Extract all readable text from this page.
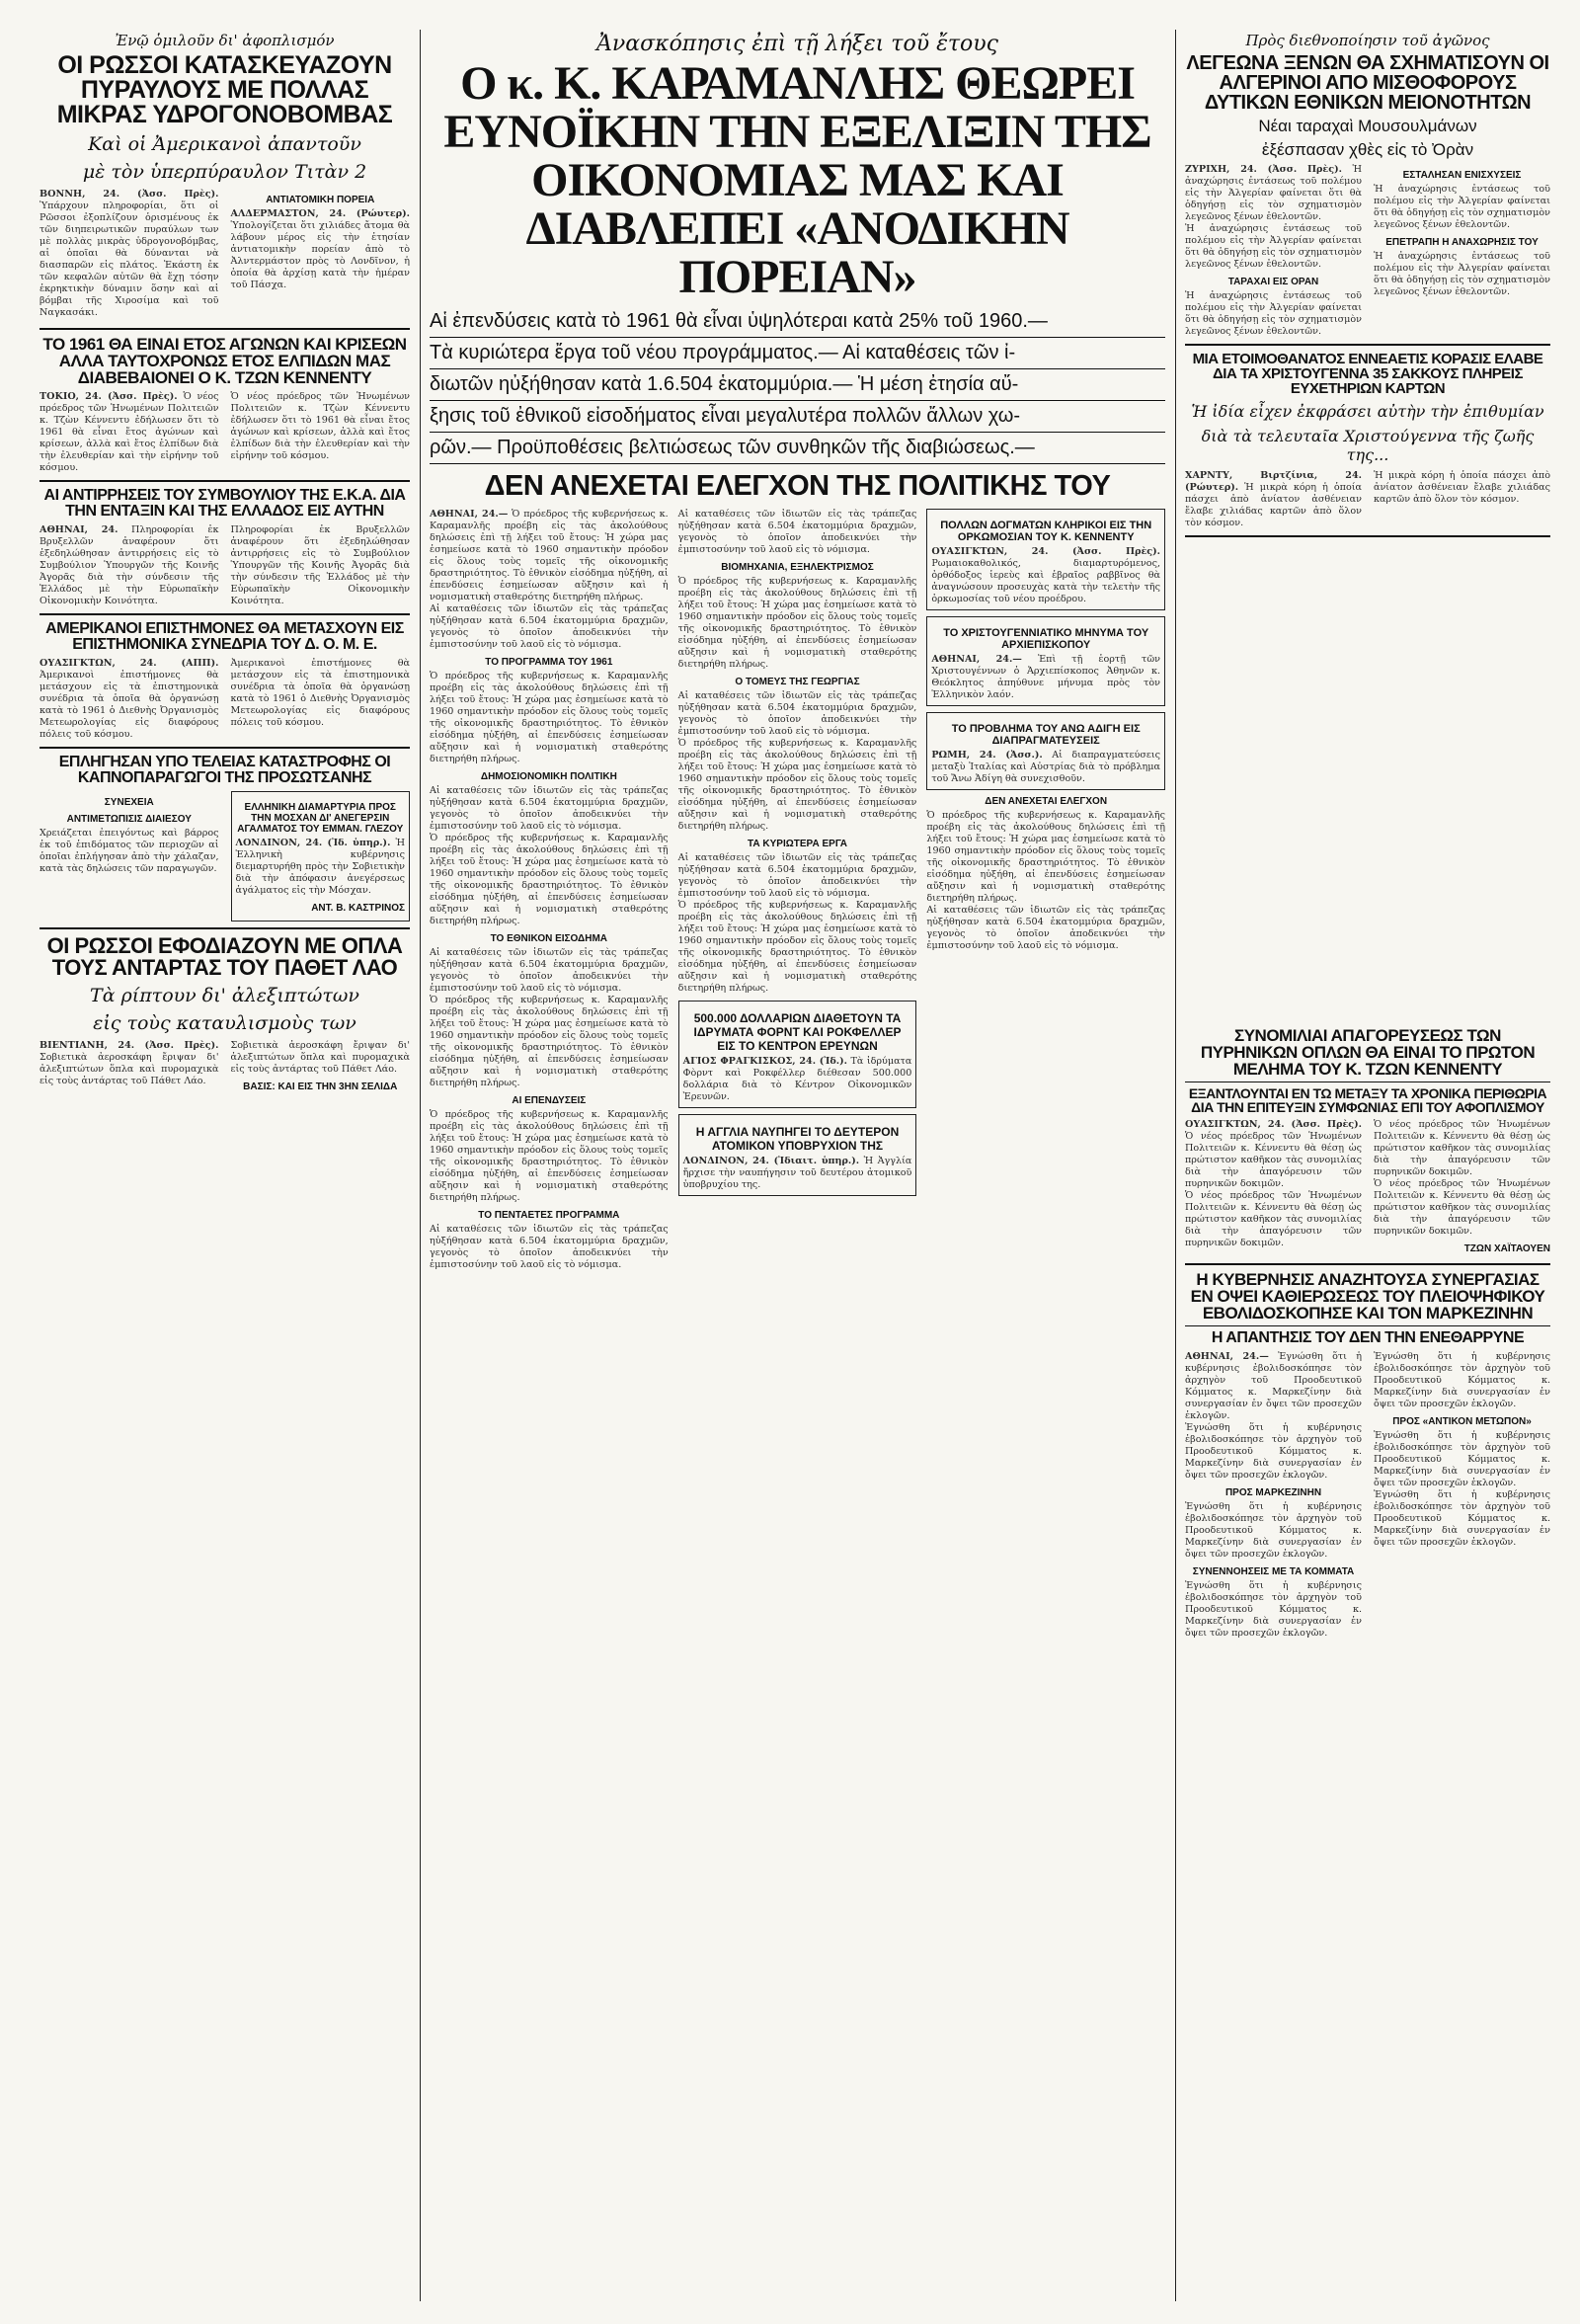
Ἐνῷ ὁμιλοῦν δι' ἀφοπλισμόν
ΟΙ ΡΩΣΣΟΙ ΚΑΤΑΣΚΕΥΑΖΟΥΝ ΠΥΡΑΥΛΟΥΣ ΜΕ ΠΟΛΛΑΣ ΜΙΚΡΑΣ ΥΔΡΟΓΟΝΟΒΟΜΒΑΣ
Καὶ οἱ Ἀμερικανοὶ ἀπαντοῦν
μὲ τὸν ὑπερπύραυλον Τιτὰν 2

ΒΟΝΝΗ, 24. (Ἀσσ. Πρὲς). Ὑπάρχουν πληροφορίαι, ὅτι οἱ Ρῶσσοι ἐξοπλίζουν ὁρισμένους ἐκ τῶν διηπειρωτικῶν πυραύλων των μὲ πολλὰς μικρὰς ὑδρογονοβόμβας, αἱ ὁποῖαι θὰ δύνανται νὰ διασπαρῶν εἰς πλάτος. Ἐκάστη ἐκ τῶν κεφαλῶν αὐτῶν θὰ ἔχῃ τόσην ἐκρηκτικὴν δύναμιν ὅσην καὶ αἱ βόμβαι τῆς Χιροσίμα καὶ τοῦ Ναγκασάκι.

ΑΝΤΙΑΤΟΜΙΚΗ ΠΟΡΕΙΑ

ΑΛΔΕΡΜΑΣΤΟΝ, 24. (Ρώυτερ). Ὑπολογίζεται ὅτι χιλιάδες ἄτομα θὰ λάβουν μέρος εἰς τὴν ἐτησίαν ἀντιατομικὴν πορείαν ἀπὸ τὸ Ἀλντερμάστον πρὸς τὸ Λονδῖνον, ἡ ὁποία θὰ ἀρχίσῃ κατὰ τὴν ἡμέραν τοῦ Πάσχα.

ΤΟ 1961 ΘΑ ΕΙΝΑΙ ΕΤΟΣ ΑΓΩΝΩΝ ΚΑΙ ΚΡΙΣΕΩΝ ΑΛΛΑ ΤΑΥΤΟΧΡΟΝΩΣ ΕΤΟΣ ΕΛΠΙΔΩΝ ΜΑΣ ΔΙΑΒΕΒΑΙΟΝΕΙ Ο Κ. ΤΖΩΝ ΚΕΝΝΕΝΤΥ

ΤΟΚΙΟ, 24. (Ἀσσ. Πρὲς). Ὁ νέος πρόεδρος τῶν Ἡνωμένων Πολιτειῶν κ. Τζὼν Κέννεντυ ἐδήλωσεν ὅτι τὸ 1961 θὰ εἶναι ἔτος ἀγώνων καὶ κρίσεων, ἀλλὰ καὶ ἔτος ἐλπίδων διὰ τὴν ἐλευθερίαν καὶ τὴν εἰρήνην τοῦ κόσμου.

Ὁ νέος πρόεδρος τῶν Ἡνωμένων Πολιτειῶν κ. Τζὼν Κέννεντυ ἐδήλωσεν ὅτι τὸ 1961 θὰ εἶναι ἔτος ἀγώνων καὶ κρίσεων, ἀλλὰ καὶ ἔτος ἐλπίδων διὰ τὴν ἐλευθερίαν καὶ τὴν εἰρήνην τοῦ κόσμου.

ΑΙ ΑΝΤΙΡΡΗΣΕΙΣ ΤΟΥ ΣΥΜΒΟΥΛΙΟΥ ΤΗΣ Ε.Κ.Α. ΔΙΑ ΤΗΝ ΕΝΤΑΞΙΝ ΚΑΙ ΤΗΣ ΕΛΛΑΔΟΣ ΕΙΣ ΑΥΤΗΝ

ΑΘΗΝΑΙ, 24. Πληροφορίαι ἐκ Βρυξελλῶν ἀναφέρουν ὅτι ἐξεδηλώθησαν ἀντιρρήσεις εἰς τὸ Συμβούλιον Ὑπουργῶν τῆς Κοινῆς Ἀγορᾶς διὰ τὴν σύνδεσιν τῆς Ἑλλάδος μὲ τὴν Εὐρωπαϊκὴν Οἰκονομικὴν Κοινότητα.

Πληροφορίαι ἐκ Βρυξελλῶν ἀναφέρουν ὅτι ἐξεδηλώθησαν ἀντιρρήσεις εἰς τὸ Συμβούλιον Ὑπουργῶν τῆς Κοινῆς Ἀγορᾶς διὰ τὴν σύνδεσιν τῆς Ἑλλάδος μὲ τὴν Εὐρωπαϊκὴν Οἰκονομικὴν Κοινότητα.

ΑΜΕΡΙΚΑΝΟΙ ΕΠΙΣΤΗΜΟΝΕΣ ΘΑ ΜΕΤΑΣΧΟΥΝ ΕΙΣ ΕΠΙΣΤΗΜΟΝΙΚΑ ΣΥΝΕΔΡΙΑ ΤΟΥ Δ. Ο. Μ. Ε.

ΟΥΑΣΙΓΚΤΩΝ, 24. (ΑΠΠ). Ἀμερικανοὶ ἐπιστήμονες θὰ μετάσχουν εἰς τὰ ἐπιστημονικὰ συνέδρια τὰ ὁποῖα θὰ ὀργανώσῃ κατὰ τὸ 1961 ὁ Διεθνὴς Ὀργανισμὸς Μετεωρολογίας εἰς διαφόρους πόλεις τοῦ κόσμου.

Ἀμερικανοὶ ἐπιστήμονες θὰ μετάσχουν εἰς τὰ ἐπιστημονικὰ συνέδρια τὰ ὁποῖα θὰ ὀργανώσῃ κατὰ τὸ 1961 ὁ Διεθνὴς Ὀργανισμὸς Μετεωρολογίας εἰς διαφόρους πόλεις τοῦ κόσμου.

ΕΠΛΗΓΗΣΑΝ ΥΠΟ ΤΕΛΕΙΑΣ ΚΑΤΑΣΤΡΟΦΗΣ ΟΙ ΚΑΠΝΟΠΑΡΑΓΩΓΟΙ ΤΗΣ ΠΡΟΣΩΤΣΑΝΗΣ
ΣΥΝΕΧΕΙΑ
ΑΝΤΙΜΕΤΩΠΙΣΙΣ ΔΙΑΙΕΣΟΥ

Χρειάζεται ἐπειγόντως καὶ βάρρος ἐκ τοῦ ἐπιδόματος τῶν περιοχῶν αἱ ὁποῖαι ἐπλήγησαν ἀπὸ τὴν χάλαζαν, κατὰ τὰς δηλώσεις τῶν παραγωγῶν.

ΕΛΛΗΝΙΚΗ ΔΙΑΜΑΡΤΥΡΙΑ ΠΡΟΣ ΤΗΝ ΜΟΣΧΑΝ ΔΙ' ΑΝΕΓΕΡΣΙΝ ΑΓΑΛΜΑΤΟΣ ΤΟΥ ΕΜΜΑΝ. ΓΛΕΖΟΥ

ΛΟΝΔΙΝΟΝ, 24. (Ἰδ. ὑπηρ.). Ἡ Ἑλληνικὴ κυβέρνησις διεμαρτυρήθη πρὸς τὴν Σοβιετικὴν διὰ τὴν ἀπόφασιν ἀνεγέρσεως ἀγάλματος εἰς τὴν Μόσχαν.

ΑΝΤ. Β. ΚΑΣΤΡΙΝΟΣ
ΟΙ ΡΩΣΣΟΙ ΕΦΟΔΙΑΖΟΥΝ ΜΕ ΟΠΛΑ ΤΟΥΣ ΑΝΤΑΡΤΑΣ ΤΟΥ ΠΑΘΕΤ ΛΑΟ
Τὰ ρίπτουν δι' ἀλεξιπτώτων
εἰς τοὺς καταυλισμοὺς των

ΒΙΕΝΤΙΑΝΗ, 24. (Ἀσσ. Πρὲς). Σοβιετικὰ ἀεροσκάφη ἔριψαν δι' ἀλεξιπτώτων ὅπλα καὶ πυρομαχικὰ εἰς τοὺς ἀντάρτας τοῦ Πάθετ Λάο.

Σοβιετικὰ ἀεροσκάφη ἔριψαν δι' ἀλεξιπτώτων ὅπλα καὶ πυρομαχικὰ εἰς τοὺς ἀντάρτας τοῦ Πάθετ Λάο.

ΒΑΣΙΣ: ΚΑΙ ΕΙΣ ΤΗΝ 3ΗΝ ΣΕΛΙΔΑ
Ἀνασκόπησις ἐπὶ τῇ λήξει τοῦ ἔτους
Ο κ. Κ. ΚΑΡΑΜΑΝΛΗΣ ΘΕΩΡΕΙ ΕΥΝΟΪΚΗΝ ΤΗΝ ΕΞΕΛΙΞΙΝ ΤΗΣ ΟΙΚΟΝΟΜΙΑΣ ΜΑΣ ΚΑΙ ΔΙΑΒΛΕΠΕΙ «ΑΝΟΔΙΚΗΝ ΠΟΡΕΙΑΝ»
Αἱ ἐπενδύσεις κατὰ τὸ 1961 θὰ εἶναι ὑψηλότεραι κατὰ 25% τοῦ 1960.—
Τὰ κυριώτερα ἔργα τοῦ νέου προγράμματος.— Αἱ καταθέσεις τῶν ἰ-
διωτῶν ηὐξήθησαν κατὰ 1.6.504 ἑκατομμύρια.— Ἡ μέση ἐτησία αὔ-
ξησις τοῦ ἐθνικοῦ εἰσοδήματος εἶναι μεγαλυτέρα πολλῶν ἄλλων χω-
ρῶν.— Προϋποθέσεις βελτιώσεως τῶν συνθηκῶν τῆς διαβιώσεως.—
ΔΕΝ ΑΝΕΧΕΤΑΙ ΕΛΕΓΧΟΝ ΤΗΣ ΠΟΛΙΤΙΚΗΣ ΤΟΥ

ΑΘΗΝΑΙ, 24.— Ὁ πρόεδρος τῆς κυβερνήσεως κ. Καραμανλῆς προέβη εἰς τὰς ἀκολούθους δηλώσεις ἐπὶ τῇ λήξει τοῦ ἔτους: Ἡ χώρα μας ἐσημείωσε κατὰ τὸ 1960 σημαντικὴν πρόοδον εἰς ὅλους τοὺς τομεῖς τῆς οἰκονομικῆς δραστηριότητος. Τὸ ἐθνικὸν εἰσόδημα ηὐξήθη, αἱ ἐπενδύσεις ἐσημείωσαν αὔξησιν καὶ ἡ νομισματικὴ σταθερότης διετηρήθη πλήρως.

Αἱ καταθέσεις τῶν ἰδιωτῶν εἰς τὰς τράπεζας ηὐξήθησαν κατὰ 6.504 ἑκατομμύρια δραχμῶν, γεγονὸς τὸ ὁποῖον ἀποδεικνύει τὴν ἐμπιστοσύνην τοῦ λαοῦ εἰς τὸ νόμισμα.

ΤΟ ΠΡΟΓΡΑΜΜΑ ΤΟΥ 1961

Ὁ πρόεδρος τῆς κυβερνήσεως κ. Καραμανλῆς προέβη εἰς τὰς ἀκολούθους δηλώσεις ἐπὶ τῇ λήξει τοῦ ἔτους: Ἡ χώρα μας ἐσημείωσε κατὰ τὸ 1960 σημαντικὴν πρόοδον εἰς ὅλους τοὺς τομεῖς τῆς οἰκονομικῆς δραστηριότητος. Τὸ ἐθνικὸν εἰσόδημα ηὐξήθη, αἱ ἐπενδύσεις ἐσημείωσαν αὔξησιν καὶ ἡ νομισματικὴ σταθερότης διετηρήθη πλήρως.

ΔΗΜΟΣΙΟΝΟΜΙΚΗ ΠΟΛΙΤΙΚΗ

Αἱ καταθέσεις τῶν ἰδιωτῶν εἰς τὰς τράπεζας ηὐξήθησαν κατὰ 6.504 ἑκατομμύρια δραχμῶν, γεγονὸς τὸ ὁποῖον ἀποδεικνύει τὴν ἐμπιστοσύνην τοῦ λαοῦ εἰς τὸ νόμισμα.

Ὁ πρόεδρος τῆς κυβερνήσεως κ. Καραμανλῆς προέβη εἰς τὰς ἀκολούθους δηλώσεις ἐπὶ τῇ λήξει τοῦ ἔτους: Ἡ χώρα μας ἐσημείωσε κατὰ τὸ 1960 σημαντικὴν πρόοδον εἰς ὅλους τοὺς τομεῖς τῆς οἰκονομικῆς δραστηριότητος. Τὸ ἐθνικὸν εἰσόδημα ηὐξήθη, αἱ ἐπενδύσεις ἐσημείωσαν αὔξησιν καὶ ἡ νομισματικὴ σταθερότης διετηρήθη πλήρως.

ΤΟ ΕΘΝΙΚΟΝ ΕΙΣΟΔΗΜΑ

Αἱ καταθέσεις τῶν ἰδιωτῶν εἰς τὰς τράπεζας ηὐξήθησαν κατὰ 6.504 ἑκατομμύρια δραχμῶν, γεγονὸς τὸ ὁποῖον ἀποδεικνύει τὴν ἐμπιστοσύνην τοῦ λαοῦ εἰς τὸ νόμισμα.

Ὁ πρόεδρος τῆς κυβερνήσεως κ. Καραμανλῆς προέβη εἰς τὰς ἀκολούθους δηλώσεις ἐπὶ τῇ λήξει τοῦ ἔτους: Ἡ χώρα μας ἐσημείωσε κατὰ τὸ 1960 σημαντικὴν πρόοδον εἰς ὅλους τοὺς τομεῖς τῆς οἰκονομικῆς δραστηριότητος. Τὸ ἐθνικὸν εἰσόδημα ηὐξήθη, αἱ ἐπενδύσεις ἐσημείωσαν αὔξησιν καὶ ἡ νομισματικὴ σταθερότης διετηρήθη πλήρως.

ΑΙ ΕΠΕΝΔΥΣΕΙΣ

Ὁ πρόεδρος τῆς κυβερνήσεως κ. Καραμανλῆς προέβη εἰς τὰς ἀκολούθους δηλώσεις ἐπὶ τῇ λήξει τοῦ ἔτους: Ἡ χώρα μας ἐσημείωσε κατὰ τὸ 1960 σημαντικὴν πρόοδον εἰς ὅλους τοὺς τομεῖς τῆς οἰκονομικῆς δραστηριότητος. Τὸ ἐθνικὸν εἰσόδημα ηὐξήθη, αἱ ἐπενδύσεις ἐσημείωσαν αὔξησιν καὶ ἡ νομισματικὴ σταθερότης διετηρήθη πλήρως.

ΤΟ ΠΕΝΤΑΕΤΕΣ ΠΡΟΓΡΑΜΜΑ

Αἱ καταθέσεις τῶν ἰδιωτῶν εἰς τὰς τράπεζας ηὐξήθησαν κατὰ 6.504 ἑκατομμύρια δραχμῶν, γεγονὸς τὸ ὁποῖον ἀποδεικνύει τὴν ἐμπιστοσύνην τοῦ λαοῦ εἰς τὸ νόμισμα.

Αἱ καταθέσεις τῶν ἰδιωτῶν εἰς τὰς τράπεζας ηὐξήθησαν κατὰ 6.504 ἑκατομμύρια δραχμῶν, γεγονὸς τὸ ὁποῖον ἀποδεικνύει τὴν ἐμπιστοσύνην τοῦ λαοῦ εἰς τὸ νόμισμα.

ΒΙΟΜΗΧΑΝΙΑ, ΕΞΗΛΕΚΤΡΙΣΜΟΣ

Ὁ πρόεδρος τῆς κυβερνήσεως κ. Καραμανλῆς προέβη εἰς τὰς ἀκολούθους δηλώσεις ἐπὶ τῇ λήξει τοῦ ἔτους: Ἡ χώρα μας ἐσημείωσε κατὰ τὸ 1960 σημαντικὴν πρόοδον εἰς ὅλους τοὺς τομεῖς τῆς οἰκονομικῆς δραστηριότητος. Τὸ ἐθνικὸν εἰσόδημα ηὐξήθη, αἱ ἐπενδύσεις ἐσημείωσαν αὔξησιν καὶ ἡ νομισματικὴ σταθερότης διετηρήθη πλήρως.

Ο ΤΟΜΕΥΣ ΤΗΣ ΓΕΩΡΓΙΑΣ

Αἱ καταθέσεις τῶν ἰδιωτῶν εἰς τὰς τράπεζας ηὐξήθησαν κατὰ 6.504 ἑκατομμύρια δραχμῶν, γεγονὸς τὸ ὁποῖον ἀποδεικνύει τὴν ἐμπιστοσύνην τοῦ λαοῦ εἰς τὸ νόμισμα.

Ὁ πρόεδρος τῆς κυβερνήσεως κ. Καραμανλῆς προέβη εἰς τὰς ἀκολούθους δηλώσεις ἐπὶ τῇ λήξει τοῦ ἔτους: Ἡ χώρα μας ἐσημείωσε κατὰ τὸ 1960 σημαντικὴν πρόοδον εἰς ὅλους τοὺς τομεῖς τῆς οἰκονομικῆς δραστηριότητος. Τὸ ἐθνικὸν εἰσόδημα ηὐξήθη, αἱ ἐπενδύσεις ἐσημείωσαν αὔξησιν καὶ ἡ νομισματικὴ σταθερότης διετηρήθη πλήρως.

ΤΑ ΚΥΡΙΩΤΕΡΑ ΕΡΓΑ

Αἱ καταθέσεις τῶν ἰδιωτῶν εἰς τὰς τράπεζας ηὐξήθησαν κατὰ 6.504 ἑκατομμύρια δραχμῶν, γεγονὸς τὸ ὁποῖον ἀποδεικνύει τὴν ἐμπιστοσύνην τοῦ λαοῦ εἰς τὸ νόμισμα.

Ὁ πρόεδρος τῆς κυβερνήσεως κ. Καραμανλῆς προέβη εἰς τὰς ἀκολούθους δηλώσεις ἐπὶ τῇ λήξει τοῦ ἔτους: Ἡ χώρα μας ἐσημείωσε κατὰ τὸ 1960 σημαντικὴν πρόοδον εἰς ὅλους τοὺς τομεῖς τῆς οἰκονομικῆς δραστηριότητος. Τὸ ἐθνικὸν εἰσόδημα ηὐξήθη, αἱ ἐπενδύσεις ἐσημείωσαν αὔξησιν καὶ ἡ νομισματικὴ σταθερότης διετηρήθη πλήρως.

500.000 ΔΟΛΛΑΡΙΩΝ ΔΙΑΘΕΤΟΥΝ ΤΑ ΙΔΡΥΜΑΤΑ ΦΟΡΝΤ ΚΑΙ ΡΟΚΦΕΛΛΕΡ ΕΙΣ ΤΟ ΚΕΝΤΡΟΝ ΕΡΕΥΝΩΝ

ΑΓΙΟΣ ΦΡΑΓΚΙΣΚΟΣ, 24. (Ἰδ.). Τὰ ἱδρύματα Φὸρντ καὶ Ροκφέλλερ διέθεσαν 500.000 δολλάρια διὰ τὸ Κέντρον Οἰκονομικῶν Ἐρευνῶν.

Η ΑΓΓΛΙΑ ΝΑΥΠΗΓΕΙ ΤΟ ΔΕΥΤΕΡΟΝ ΑΤΟΜΙΚΟΝ ΥΠΟΒΡΥΧΙΟΝ ΤΗΣ

ΛΟΝΔΙΝΟΝ, 24. (Ἰδιαιτ. ὑπηρ.). Ἡ Ἀγγλία ἤρχισε τὴν ναυπήγησιν τοῦ δευτέρου ἀτομικοῦ ὑποβρυχίου της.

ΠΟΛΛΩΝ ΔΟΓΜΑΤΩΝ ΚΛΗΡΙΚΟΙ ΕΙΣ ΤΗΝ ΟΡΚΩΜΟΣΙΑΝ ΤΟΥ Κ. ΚΕΝΝΕΝΤΥ

ΟΥΑΣΙΓΚΤΩΝ, 24. (Ἀσσ. Πρὲς). Ρωμαιοκαθολικός, διαμαρτυρόμενος, ὀρθόδοξος ἱερεὺς καὶ ἑβραῖος ραββῖνος θὰ ἀναγνώσουν προσευχὰς κατὰ τὴν τελετὴν τῆς ὁρκωμοσίας τοῦ νέου προέδρου.

ΤΟ ΧΡΙΣΤΟΥΓΕΝΝΙΑΤΙΚΟ ΜΗΝΥΜΑ ΤΟΥ ΑΡΧΙΕΠΙΣΚΟΠΟΥ

ΑΘΗΝΑΙ, 24.— Ἐπὶ τῇ ἑορτῇ τῶν Χριστουγέννων ὁ Ἀρχιεπίσκοπος Ἀθηνῶν κ. Θεόκλητος ἀπηύθυνε μήνυμα πρὸς τὸν Ἑλληνικὸν λαόν.

ΤΟ ΠΡΟΒΛΗΜΑ ΤΟΥ ΑΝΩ ΑΔΙΓΗ ΕΙΣ ΔΙΑΠΡΑΓΜΑΤΕΥΣΕΙΣ

ΡΩΜΗ, 24. (Ἀσσ.). Αἱ διαπραγματεύσεις μεταξὺ Ἰταλίας καὶ Αὐστρίας διὰ τὸ πρόβλημα τοῦ Ἄνω Ἀδίγη θὰ συνεχισθοῦν.

ΔΕΝ ΑΝΕΧΕΤΑΙ ΕΛΕΓΧΟΝ

Ὁ πρόεδρος τῆς κυβερνήσεως κ. Καραμανλῆς προέβη εἰς τὰς ἀκολούθους δηλώσεις ἐπὶ τῇ λήξει τοῦ ἔτους: Ἡ χώρα μας ἐσημείωσε κατὰ τὸ 1960 σημαντικὴν πρόοδον εἰς ὅλους τοὺς τομεῖς τῆς οἰκονομικῆς δραστηριότητος. Τὸ ἐθνικὸν εἰσόδημα ηὐξήθη, αἱ ἐπενδύσεις ἐσημείωσαν αὔξησιν καὶ ἡ νομισματικὴ σταθερότης διετηρήθη πλήρως.

Αἱ καταθέσεις τῶν ἰδιωτῶν εἰς τὰς τράπεζας ηὐξήθησαν κατὰ 6.504 ἑκατομμύρια δραχμῶν, γεγονὸς τὸ ὁποῖον ἀποδεικνύει τὴν ἐμπιστοσύνην τοῦ λαοῦ εἰς τὸ νόμισμα.

Πρὸς διεθνοποίησιν τοῦ ἀγῶνος
ΛΕΓΕΩΝΑ ΞΕΝΩΝ ΘΑ ΣΧΗΜΑΤΙΣΟΥΝ ΟΙ ΑΛΓΕΡΙΝΟΙ ΑΠΟ ΜΙΣΘΟΦΟΡΟΥΣ ΔΥΤΙΚΩΝ ΕΘΝΙΚΩΝ ΜΕΙΟΝΟΤΗΤΩΝ
Νέαι ταραχαὶ Μουσουλμάνων
ἐξέσπασαν χθὲς εἰς τὸ Ὀρὰν

ΖΥΡΙΧΗ, 24. (Ἀσσ. Πρὲς). Ἡ ἀναχώρησις ἐντάσεως τοῦ πολέμου εἰς τὴν Ἀλγερίαν φαίνεται ὅτι θὰ ὁδηγήσῃ εἰς τὸν σχηματισμὸν λεγεῶνος ξένων ἐθελοντῶν.

Ἡ ἀναχώρησις ἐντάσεως τοῦ πολέμου εἰς τὴν Ἀλγερίαν φαίνεται ὅτι θὰ ὁδηγήσῃ εἰς τὸν σχηματισμὸν λεγεῶνος ξένων ἐθελοντῶν.

ΤΑΡΑΧΑΙ ΕΙΣ ΟΡΑΝ

Ἡ ἀναχώρησις ἐντάσεως τοῦ πολέμου εἰς τὴν Ἀλγερίαν φαίνεται ὅτι θὰ ὁδηγήσῃ εἰς τὸν σχηματισμὸν λεγεῶνος ξένων ἐθελοντῶν.

ΕΣΤΑΛΗΣΑΝ ΕΝΙΣΧΥΣΕΙΣ

Ἡ ἀναχώρησις ἐντάσεως τοῦ πολέμου εἰς τὴν Ἀλγερίαν φαίνεται ὅτι θὰ ὁδηγήσῃ εἰς τὸν σχηματισμὸν λεγεῶνος ξένων ἐθελοντῶν.

ΕΠΕΤΡΑΠΗ Η ΑΝΑΧΩΡΗΣΙΣ ΤΟΥ

Ἡ ἀναχώρησις ἐντάσεως τοῦ πολέμου εἰς τὴν Ἀλγερίαν φαίνεται ὅτι θὰ ὁδηγήσῃ εἰς τὸν σχηματισμὸν λεγεῶνος ξένων ἐθελοντῶν.

ΜΙΑ ΕΤΟΙΜΟΘΑΝΑΤΟΣ ΕΝΝΕΑΕΤΙΣ ΚΟΡΑΣΙΣ ΕΛΑΒΕ ΔΙΑ ΤΑ ΧΡΙΣΤΟΥΓΕΝΝΑ 35 ΣΑΚΚΟΥΣ ΠΛΗΡΕΙΣ ΕΥΧΕΤΗΡΙΩΝ ΚΑΡΤΩΝ
Ἡ ἰδία εἶχεν ἐκφράσει αὐτὴν τὴν ἐπιθυμίαν
διὰ τὰ τελευταῖα Χριστούγεννα τῆς ζωῆς της...

ΧΑΡΝΤΥ, Βιρτζίνια, 24. (Ρώυτερ). Ἡ μικρὰ κόρη ἡ ὁποία πάσχει ἀπὸ ἀνίατον ἀσθένειαν ἔλαβε χιλιάδας καρτῶν ἀπὸ ὅλον τὸν κόσμον.

Ἡ μικρὰ κόρη ἡ ὁποία πάσχει ἀπὸ ἀνίατον ἀσθένειαν ἔλαβε χιλιάδας καρτῶν ἀπὸ ὅλον τὸν κόσμον.

ΣΥΝΟΜΙΛΙΑΙ ΑΠΑΓΟΡΕΥΣΕΩΣ ΤΩΝ ΠΥΡΗΝΙΚΩΝ ΟΠΛΩΝ ΘΑ ΕΙΝΑΙ ΤΟ ΠΡΩΤΟΝ ΜΕΛΗΜΑ ΤΟΥ Κ. ΤΖΩΝ ΚΕΝΝΕΝΤΥ
ΕΞΑΝΤΛΟΥΝΤΑΙ ΕΝ ΤΩ ΜΕΤΑΞΥ ΤΑ ΧΡΟΝΙΚΑ ΠΕΡΙΘΩΡΙΑ ΔΙΑ ΤΗΝ ΕΠΙΤΕΥΞΙΝ ΣΥΜΦΩΝΙΑΣ ΕΠΙ ΤΟΥ ΑΦΟΠΛΙΣΜΟΥ

ΟΥΑΣΙΓΚΤΩΝ, 24. (Ἀσσ. Πρὲς). Ὁ νέος πρόεδρος τῶν Ἡνωμένων Πολιτειῶν κ. Κέννεντυ θὰ θέσῃ ὡς πρώτιστον καθῆκον τὰς συνομιλίας διὰ τὴν ἀπαγόρευσιν τῶν πυρηνικῶν δοκιμῶν.

Ὁ νέος πρόεδρος τῶν Ἡνωμένων Πολιτειῶν κ. Κέννεντυ θὰ θέσῃ ὡς πρώτιστον καθῆκον τὰς συνομιλίας διὰ τὴν ἀπαγόρευσιν τῶν πυρηνικῶν δοκιμῶν.

Ὁ νέος πρόεδρος τῶν Ἡνωμένων Πολιτειῶν κ. Κέννεντυ θὰ θέσῃ ὡς πρώτιστον καθῆκον τὰς συνομιλίας διὰ τὴν ἀπαγόρευσιν τῶν πυρηνικῶν δοκιμῶν.

Ὁ νέος πρόεδρος τῶν Ἡνωμένων Πολιτειῶν κ. Κέννεντυ θὰ θέσῃ ὡς πρώτιστον καθῆκον τὰς συνομιλίας διὰ τὴν ἀπαγόρευσιν τῶν πυρηνικῶν δοκιμῶν.

ΤΖΩΝ ΧΑΪΤΑΟΥΕΝ
Η ΚΥΒΕΡΝΗΣΙΣ ΑΝΑΖΗΤΟΥΣΑ ΣΥΝΕΡΓΑΣΙΑΣ ΕΝ ΟΨΕΙ ΚΑΘΙΕΡΩΣΕΩΣ ΤΟΥ ΠΛΕΙΟΨΗΦΙΚΟΥ ΕΒΟΛΙΔΟΣΚΟΠΗΣΕ ΚΑΙ ΤΟΝ ΜΑΡΚΕΖΙΝΗΝ
Η ΑΠΑΝΤΗΣΙΣ ΤΟΥ ΔΕΝ ΤΗΝ ΕΝΕΘΑΡΡΥΝΕ

ΑΘΗΝΑΙ, 24.— Ἐγνώσθη ὅτι ἡ κυβέρνησις ἐβολιδοσκόπησε τὸν ἀρχηγὸν τοῦ Προοδευτικοῦ Κόμματος κ. Μαρκεζίνην διὰ συνεργασίαν ἐν ὄψει τῶν προσεχῶν ἐκλογῶν.

Ἐγνώσθη ὅτι ἡ κυβέρνησις ἐβολιδοσκόπησε τὸν ἀρχηγὸν τοῦ Προοδευτικοῦ Κόμματος κ. Μαρκεζίνην διὰ συνεργασίαν ἐν ὄψει τῶν προσεχῶν ἐκλογῶν.

ΠΡΟΣ ΜΑΡΚΕΖΙΝΗΝ

Ἐγνώσθη ὅτι ἡ κυβέρνησις ἐβολιδοσκόπησε τὸν ἀρχηγὸν τοῦ Προοδευτικοῦ Κόμματος κ. Μαρκεζίνην διὰ συνεργασίαν ἐν ὄψει τῶν προσεχῶν ἐκλογῶν.

ΣΥΝΕΝΝΟΗΣΕΙΣ ΜΕ ΤΑ ΚΟΜΜΑΤΑ

Ἐγνώσθη ὅτι ἡ κυβέρνησις ἐβολιδοσκόπησε τὸν ἀρχηγὸν τοῦ Προοδευτικοῦ Κόμματος κ. Μαρκεζίνην διὰ συνεργασίαν ἐν ὄψει τῶν προσεχῶν ἐκλογῶν.

Ἐγνώσθη ὅτι ἡ κυβέρνησις ἐβολιδοσκόπησε τὸν ἀρχηγὸν τοῦ Προοδευτικοῦ Κόμματος κ. Μαρκεζίνην διὰ συνεργασίαν ἐν ὄψει τῶν προσεχῶν ἐκλογῶν.

ΠΡΟΣ «ΑΝΤΙΚΟΝ ΜΕΤΩΠΟΝ»

Ἐγνώσθη ὅτι ἡ κυβέρνησις ἐβολιδοσκόπησε τὸν ἀρχηγὸν τοῦ Προοδευτικοῦ Κόμματος κ. Μαρκεζίνην διὰ συνεργασίαν ἐν ὄψει τῶν προσεχῶν ἐκλογῶν.

Ἐγνώσθη ὅτι ἡ κυβέρνησις ἐβολιδοσκόπησε τὸν ἀρχηγὸν τοῦ Προοδευτικοῦ Κόμματος κ. Μαρκεζίνην διὰ συνεργασίαν ἐν ὄψει τῶν προσεχῶν ἐκλογῶν.
